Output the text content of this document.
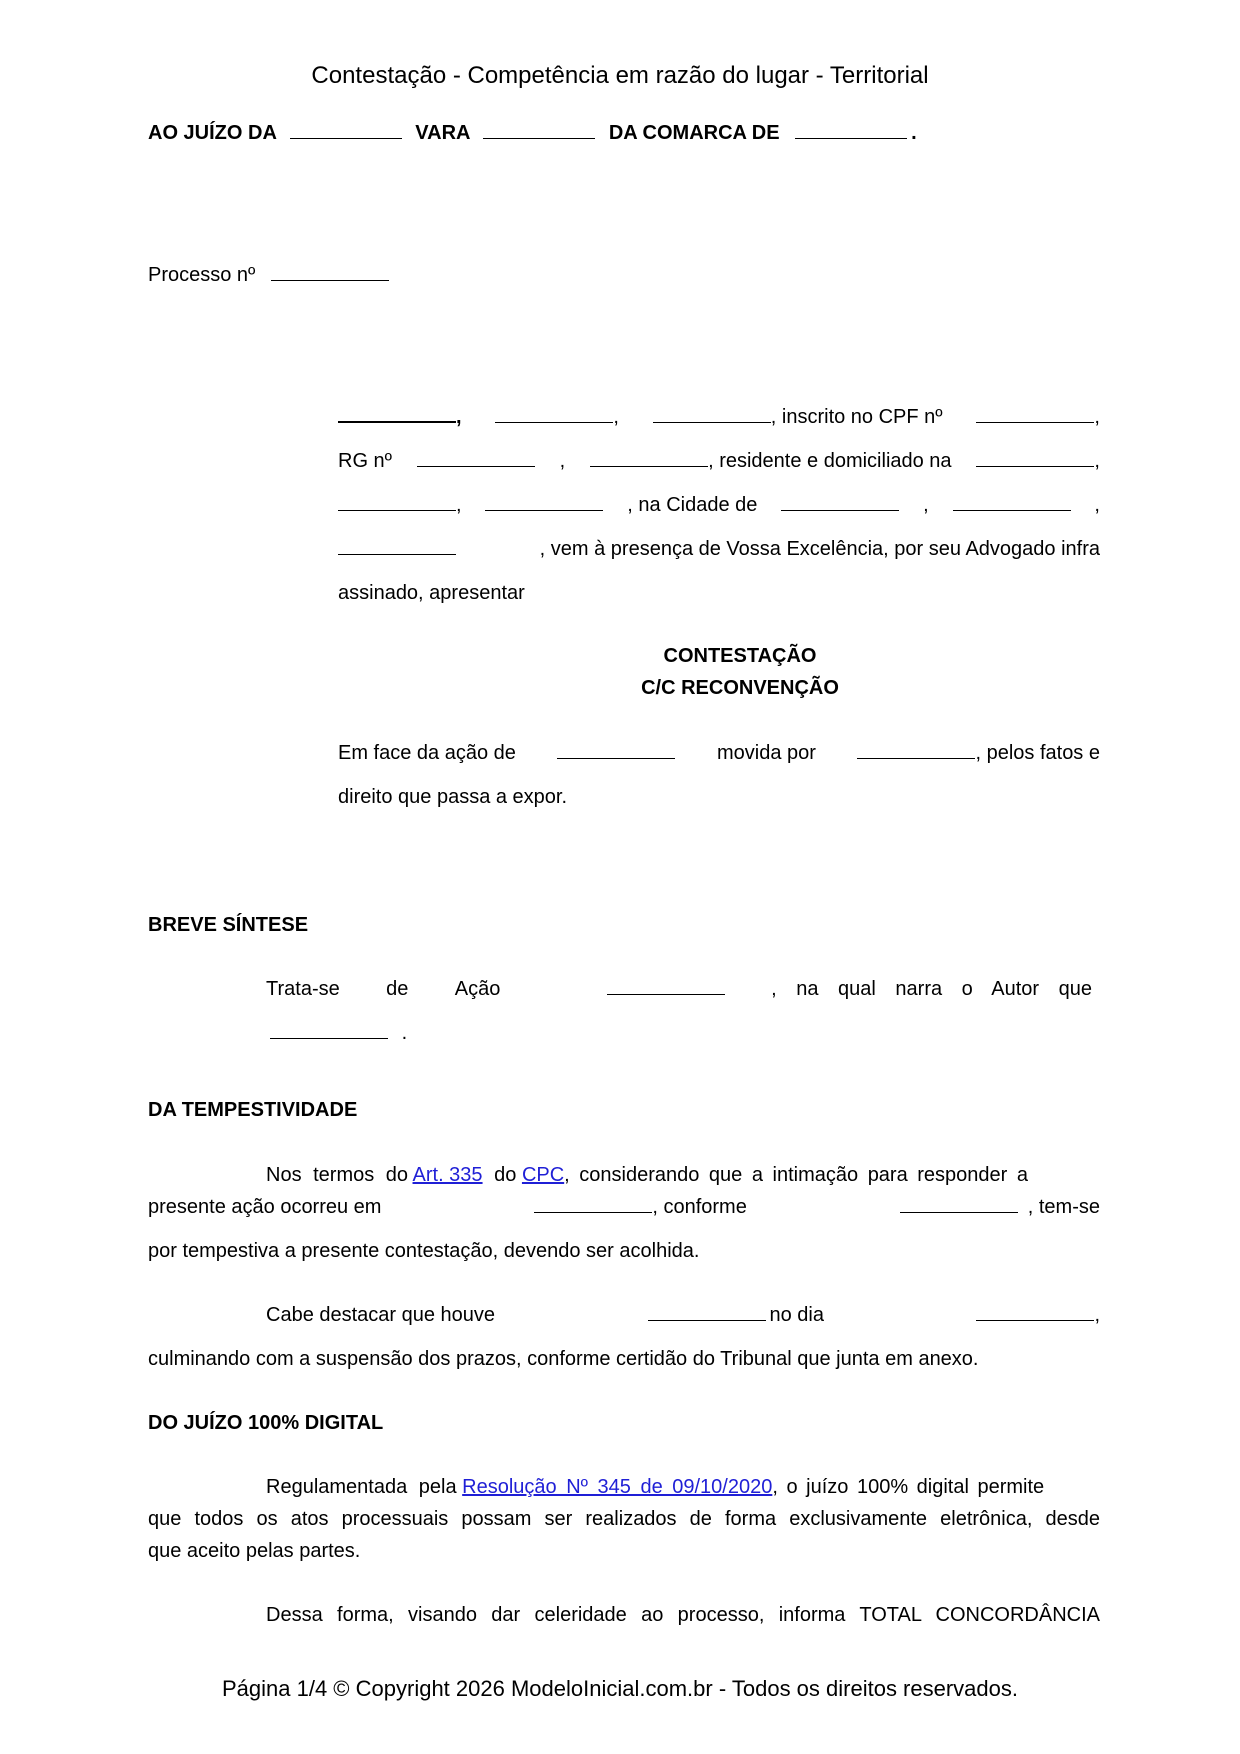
Contestação - Competência em razão do lugar - Territorial
AO JUÍZO DA	VARA	DA COMARCA DE	.
Processo nº
,	,	, inscrito no CPF nº	,
RG nº	,	, residente e domiciliado na	,
,	, na Cidade de	,	,
, vem à presença de Vossa Excelência, por seu Advogado infra
assinado, apresentar
CONTESTAÇÃO
C/C RECONVENÇÃO
Em face da ação de	movida por	, pelos fatos e
direito que passa a expor.
BREVE SÍNTESE
Trata-se de Ação	, na qual narra o Autor que
.
DA TEMPESTIVIDADE
Nos termos do Art. 335 do CPC, considerando que a intimação para responder a
presente ação ocorreu em	, conforme	, tem-se
por tempestiva a presente contestação, devendo ser acolhida.
Cabe destacar que houve	no dia	,
culminando com a suspensão dos prazos, conforme certidão do Tribunal que junta em anexo.
DO JUÍZO 100% DIGITAL
Regulamentada pela Resolução Nº 345 de 09/10/2020, o juízo 100% digital permite
que todos os atos processuais possam ser realizados de forma exclusivamente eletrônica, desde
que aceito pelas partes.
Dessa forma, visando dar celeridade ao processo, informa TOTAL CONCORDÂNCIA
Página 1/4 © Copyright 2026 ModeloInicial.com.br - Todos os direitos reservados.
